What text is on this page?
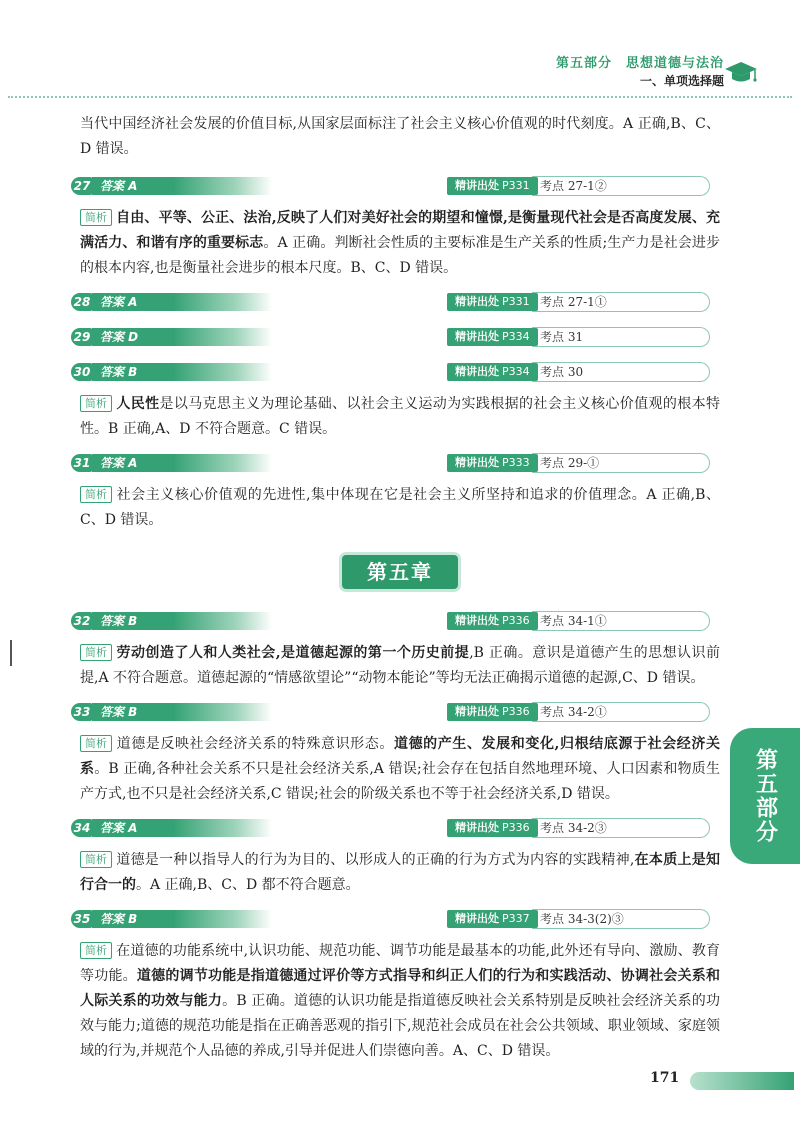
第五部分　思想道德与法治
一、单项选择题

当代中国经济社会发展的价值目标,从国家层面标注了社会主义核心价值观的时代刻度。A 正确,B、C、D 错误。

27 答案 A	精讲出处 P331 考点 27-1②

简析 自由、平等、公正、法治,反映了人们对美好社会的期望和憧憬,是衡量现代社会是否高度发展、充满活力、和谐有序的重要标志。A 正确。判断社会性质的主要标准是生产关系的性质;生产力是社会进步的根本内容,也是衡量社会进步的根本尺度。B、C、D 错误。

28 答案 A	精讲出处 P331 考点 27-1①
29 答案 D	精讲出处 P334 考点 31
30 答案 B	精讲出处 P334 考点 30

简析 人民性是以马克思主义为理论基础、以社会主义运动为实践根据的社会主义核心价值观的根本特性。B 正确,A、D 不符合题意。C 错误。

31 答案 A	精讲出处 P333 考点 29-①

简析 社会主义核心价值观的先进性,集中体现在它是社会主义所坚持和追求的价值理念。A 正确,B、C、D 错误。

第五章
32 答案 B	精讲出处 P336 考点 34-1①

简析 劳动创造了人和人类社会,是道德起源的第一个历史前提,B 正确。意识是道德产生的思想认识前提,A 不符合题意。道德起源的“情感欲望论”“动物本能论”等均无法正确揭示道德的起源,C、D 错误。

33 答案 B	精讲出处 P336 考点 34-2①

简析 道德是反映社会经济关系的特殊意识形态。道德的产生、发展和变化,归根结底源于社会经济关系。B 正确,各种社会关系不只是社会经济关系,A 错误;社会存在包括自然地理环境、人口因素和物质生产方式,也不只是社会经济关系,C 错误;社会的阶级关系也不等于社会经济关系,D 错误。

34 答案 A	精讲出处 P336 考点 34-2③

简析 道德是一种以指导人的行为为目的、以形成人的正确的行为方式为内容的实践精神,在本质上是知行合一的。A 正确,B、C、D 都不符合题意。

35 答案 B	精讲出处 P337 考点 34-3(2)③

简析 在道德的功能系统中,认识功能、规范功能、调节功能是最基本的功能,此外还有导向、激励、教育等功能。道德的调节功能是指道德通过评价等方式指导和纠正人们的行为和实践活动、协调社会关系和人际关系的功效与能力。B 正确。道德的认识功能是指道德反映社会关系特别是反映社会经济关系的功效与能力;道德的规范功能是指在正确善恶观的指引下,规范社会成员在社会公共领域、职业领域、家庭领域的行为,并规范个人品德的养成,引导并促进人们崇德向善。A、C、D 错误。

第五部分
171
